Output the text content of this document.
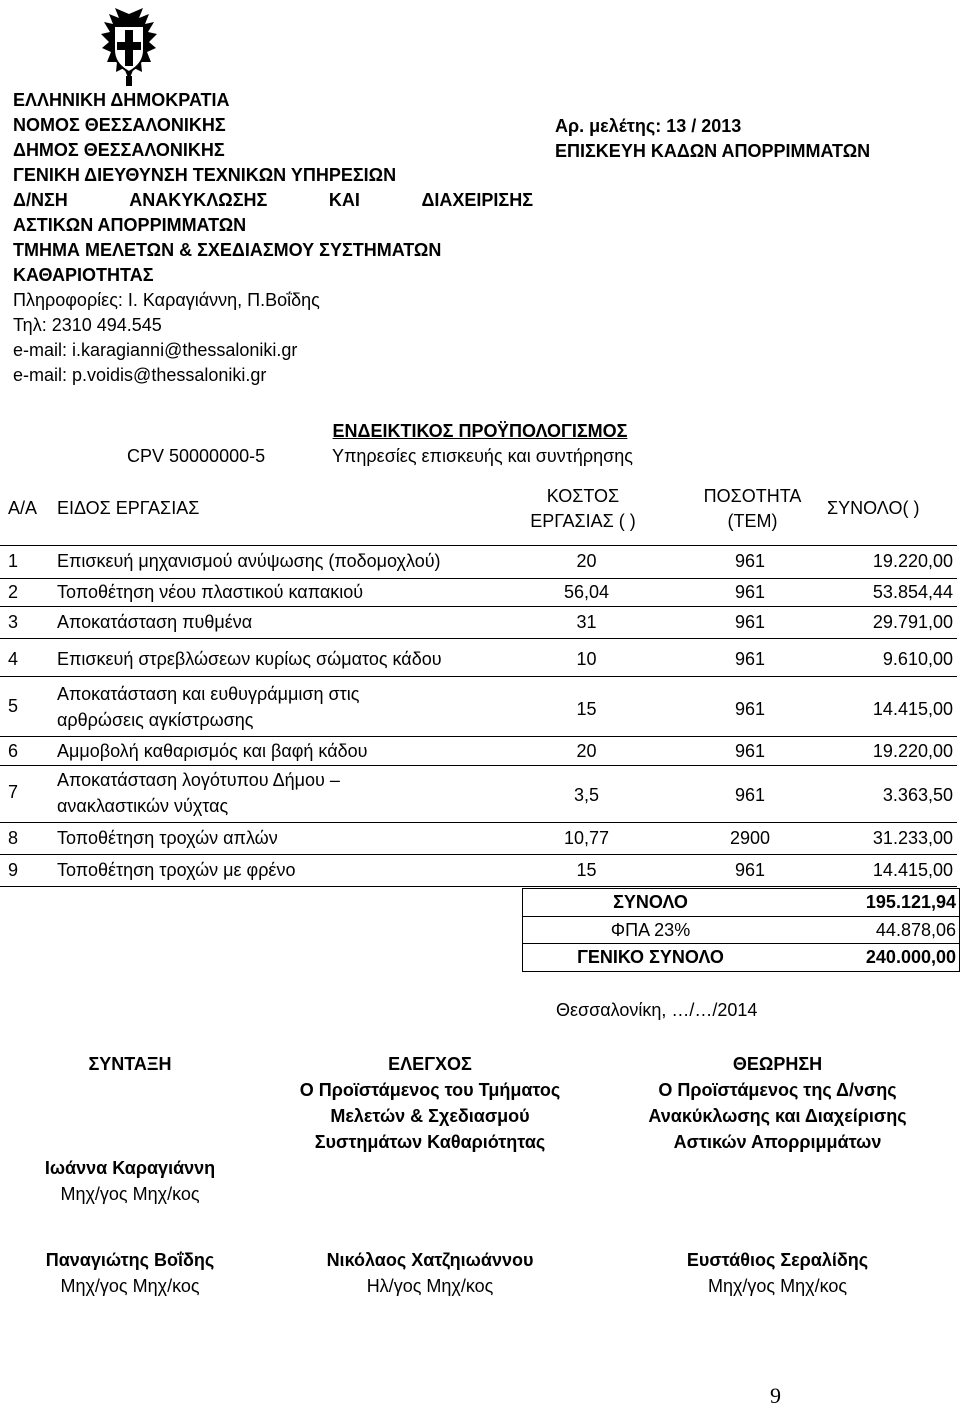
ΕΛΛΗΝΙΚΗ ΔΗΜΟΚΡΑΤΙΑ
ΝΟΜΟΣ ΘΕΣΣΑΛΟΝΙΚΗΣ
ΔΗΜΟΣ ΘΕΣΣΑΛΟΝΙΚΗΣ
ΓΕΝΙΚΗ ΔΙΕΥΘΥΝΣΗ ΤΕΧΝΙΚΩΝ ΥΠΗΡΕΣΙΩΝ
Δ/ΝΣΗ	ΑΝΑΚΥΚΛΩΣΗΣ	ΚΑΙ	ΔΙΑΧΕΙΡΙΣΗΣ
ΑΣΤΙΚΩΝ ΑΠΟΡΡΙΜΜΑΤΩΝ
ΤΜΗΜΑ ΜΕΛΕΤΩΝ & ΣΧΕΔΙΑΣΜΟΥ ΣΥΣΤΗΜΑΤΩΝ
ΚΑΘΑΡΙΟΤΗΤΑΣ
Πληροφορίες: Ι. Καραγιάννη, Π.Βοΐδης
Τηλ: 2310 494.545
e-mail: i.karagianni@thessaloniki.gr
e-mail: p.voidis@thessaloniki.gr
Αρ. μελέτης: 13 / 2013
ΕΠΙΣΚΕΥΗ ΚΑΔΩΝ ΑΠΟΡΡΙΜΜΑΤΩΝ
ΕΝΔΕΙΚΤΙΚΟΣ ΠΡΟΫΠΟΛΟΓΙΣΜΟΣ
CPV 50000000-5	Υπηρεσίες επισκευής και συντήρησης
Α/Α ΕΙΔΟΣ ΕΡΓΑΣΙΑΣ
ΚΟΣΤΟΣ
ΕΡΓΑΣΙΑΣ ( )
ΠΟΣΟΤΗΤΑ
(ΤΕΜ)
ΣΥΝΟΛΟ( )
1 Επισκευή μηχανισμού ανύψωσης (ποδομοχλού)	20	961	19.220,00
2 Τοποθέτηση νέου πλαστικού καπακιού	56,04	961	53.854,44
3 Αποκατάσταση πυθμένα	31	961	29.791,00
4 Επισκευή στρεβλώσεων κυρίως σώματος κάδου	10	961	9.610,00
5
Αποκατάσταση και ευθυγράμμιση στις
αρθρώσεις αγκίστρωσης
15	961	14.415,00
6 Αμμοβολή καθαρισμός και βαφή κάδου	20	961	19.220,00
7
Αποκατάσταση λογότυπου Δήμου –
ανακλαστικών νύχτας
3,5	961	3.363,50
8 Τοποθέτηση τροχών απλών	10,77	2900	31.233,00
9 Τοποθέτηση τροχών με φρένο	15	961	14.415,00
ΣΥΝΟΛΟ	195.121,94
ΦΠΑ 23%	44.878,06
ΓΕΝΙΚΟ ΣΥΝΟΛΟ	240.000,00
Θεσσαλονίκη, …/…/2014
ΣΥΝΤΑΞΗ
Ιωάννα Καραγιάννη
Μηχ/γος Μηχ/κος
Παναγιώτης Βοΐδης
Μηχ/γος Μηχ/κος
ΕΛΕΓΧΟΣ
Ο Προϊστάμενος του Τμήματος
Μελετών & Σχεδιασμού
Συστημάτων Καθαριότητας
Νικόλαος Χατζηιωάννου
Ηλ/γος Μηχ/κος
ΘΕΩΡΗΣΗ
Ο Προϊστάμενος της Δ/νσης
Ανακύκλωσης και Διαχείρισης
Αστικών Απορριμμάτων
Ευστάθιος Σεραλίδης
Μηχ/γος Μηχ/κος
9
